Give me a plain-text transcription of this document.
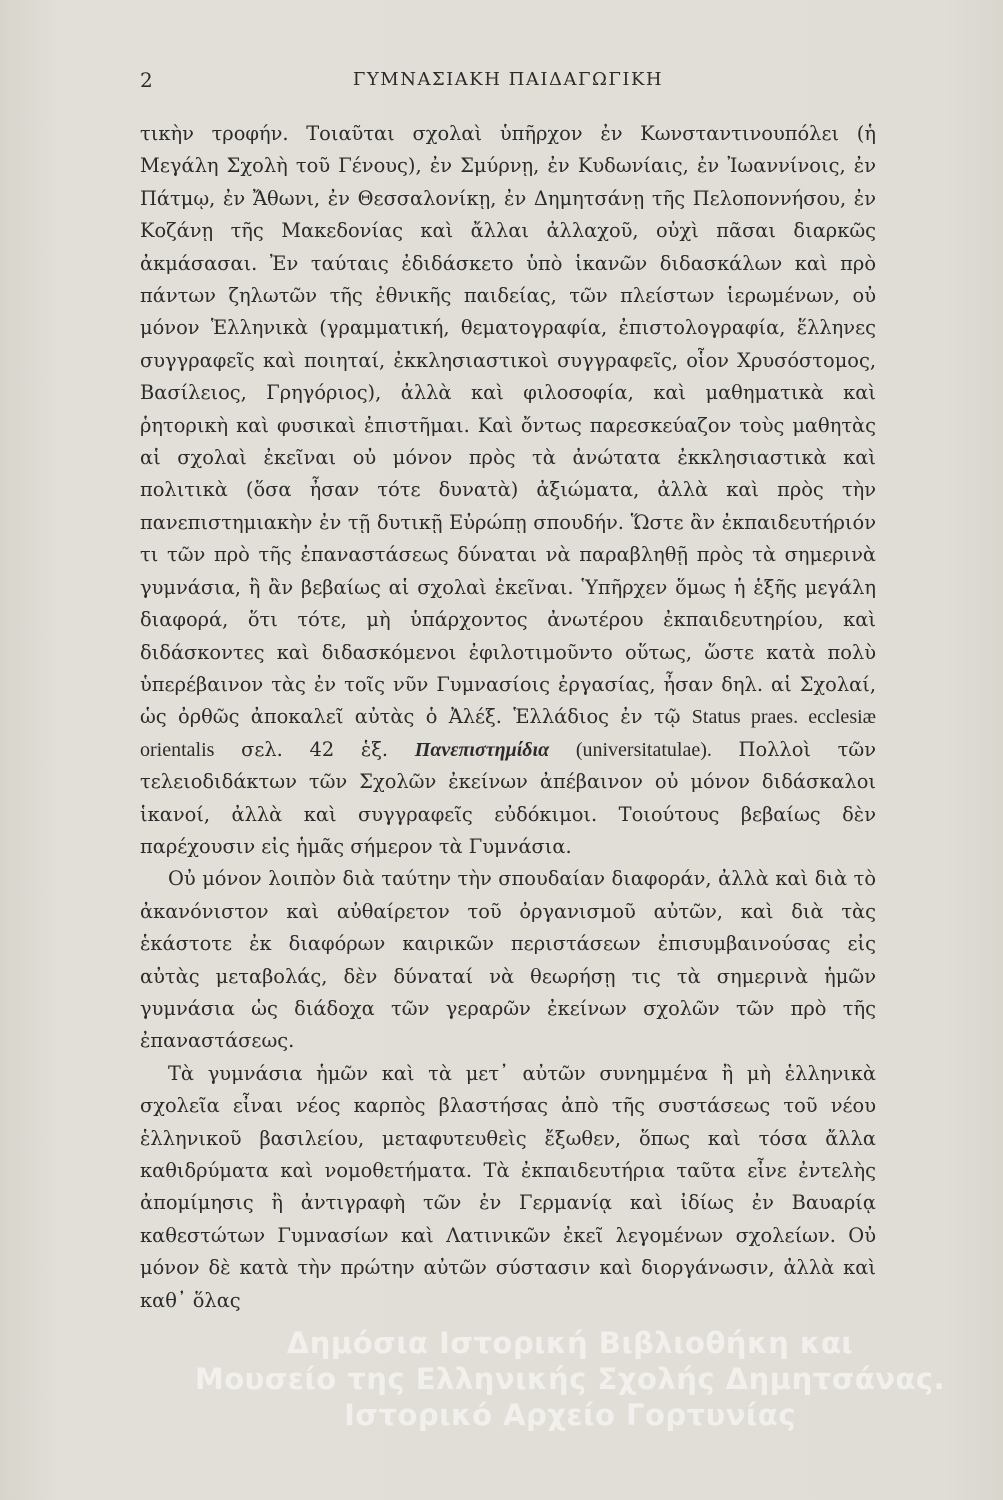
2	ΓΥΜΝΑΣΙΑΚΗ ΠΑΙΔΑΓΩΓΙΚΗ

τικὴν τροφήν. Τοιαῦται σχολαὶ ὑπῆρχον ἐν Κωνσταντινουπόλει (ἡ Μεγάλη Σχολὴ τοῦ Γένους), ἐν Σμύρνῃ, ἐν Κυδωνίαις, ἐν Ἰωαννίνοις, ἐν Πάτμῳ, ἐν Ἄθωνι, ἐν Θεσσαλονίκῃ, ἐν Δημητσάνῃ τῆς Πελοποννήσου, ἐν Κοζάνῃ τῆς Μακεδονίας καὶ ἄλλαι ἀλλαχοῦ, οὐχὶ πᾶσαι διαρκῶς ἀκμάσασαι. Ἐν ταύταις ἐδιδάσκετο ὑπὸ ἱκανῶν διδασκάλων καὶ πρὸ πάντων ζηλωτῶν τῆς ἐθνικῆς παιδείας, τῶν πλείστων ἱερωμένων, οὐ μόνον Ἑλληνικὰ (γραμματική, θεματογραφία, ἐπιστολογραφία, ἕλληνες συγγραφεῖς καὶ ποιηταί, ἐκκλησιαστικοὶ συγγραφεῖς, οἷον Χρυσόστομος, Βασίλειος, Γρηγόριος), ἀλλὰ καὶ φιλοσοφία, καὶ μαθηματικὰ καὶ ῥητορικὴ καὶ φυσικαὶ ἐπιστῆμαι. Καὶ ὄντως παρεσκεύαζον τοὺς μαθητὰς αἱ σχολαὶ ἐκεῖναι οὐ μόνον πρὸς τὰ ἀνώτατα ἐκκλησιαστικὰ καὶ πολιτικὰ (ὅσα ἦσαν τότε δυνατὰ) ἀξιώματα, ἀλλὰ καὶ πρὸς τὴν πανεπιστημιακὴν ἐν τῇ δυτικῇ Εὐρώπῃ σπουδήν. Ὥστε ἂν ἐκπαιδευτήριόν τι τῶν πρὸ τῆς ἐπαναστάσεως δύναται νὰ παραβληθῇ πρὸς τὰ σημερινὰ γυμνάσια, ἢ ἂν βεβαίως αἱ σχολαὶ ἐκεῖναι. Ὑπῆρχεν ὅμως ἡ ἑξῆς μεγάλη διαφορά, ὅτι τότε, μὴ ὑπάρχοντος ἀνωτέρου ἐκπαιδευτηρίου, καὶ διδάσκοντες καὶ διδασκόμενοι ἐφιλοτιμοῦντο οὕτως, ὥστε κατὰ πολὺ ὑπερέβαινον τὰς ἐν τοῖς νῦν Γυμνασίοις ἐργασίας, ἦσαν δηλ. αἱ Σχολαί, ὡς ὀρθῶς ἀποκαλεῖ αὐτὰς ὁ Ἀλέξ. Ἑλλάδιος ἐν τῷ Status praes. ecclesiæ orientalis σελ. 42 ἑξ. Πανεπιστημίδια (universitatulae). Πολλοὶ τῶν τελειοδιδάκτων τῶν Σχολῶν ἐκείνων ἀπέβαινον οὐ μόνον διδάσκαλοι ἱκανοί, ἀλλὰ καὶ συγγραφεῖς εὐδόκιμοι. Τοιούτους βεβαίως δὲν παρέχουσιν εἰς ἡμᾶς σήμερον τὰ Γυμνάσια.

Οὐ μόνον λοιπὸν διὰ ταύτην τὴν σπουδαίαν διαφοράν, ἀλλὰ καὶ διὰ τὸ ἀκανόνιστον καὶ αὐθαίρετον τοῦ ὀργανισμοῦ αὐτῶν, καὶ διὰ τὰς ἑκάστοτε ἐκ διαφόρων καιρικῶν περιστάσεων ἐπισυμβαινούσας εἰς αὐτὰς μεταβολάς, δὲν δύναταί νὰ θεωρήσῃ τις τὰ σημερινὰ ἡμῶν γυμνάσια ὡς διάδοχα τῶν γεραρῶν ἐκείνων σχολῶν τῶν πρὸ τῆς ἐπαναστάσεως.

Τὰ γυμνάσια ἡμῶν καὶ τὰ μετ᾽ αὐτῶν συνημμένα ἢ μὴ ἑλληνικὰ σχολεῖα εἶναι νέος καρπὸς βλαστήσας ἀπὸ τῆς συστάσεως τοῦ νέου ἑλληνικοῦ βασιλείου, μεταφυτευθεὶς ἔξωθεν, ὅπως καὶ τόσα ἄλλα καθιδρύματα καὶ νομοθετήματα. Τὰ ἐκπαιδευτήρια ταῦτα εἶνε ἐντελὴς ἀπομίμησις ἢ ἀντιγραφὴ τῶν ἐν Γερμανίᾳ καὶ ἰδίως ἐν Βαυαρίᾳ καθεστώτων Γυμνασίων καὶ Λατινικῶν ἐκεῖ λεγομένων σχολείων. Οὐ μόνον δὲ κατὰ τὴν πρώτην αὐτῶν σύστασιν καὶ διοργάνωσιν, ἀλλὰ καὶ καθ᾽ ὅλας

Δημόσια Ιστορική Βιβλιοθήκη και
Μουσείο της Ελληνικής Σχολής Δημητσάνας.
Ιστορικό Αρχείο Γορτυνίας
